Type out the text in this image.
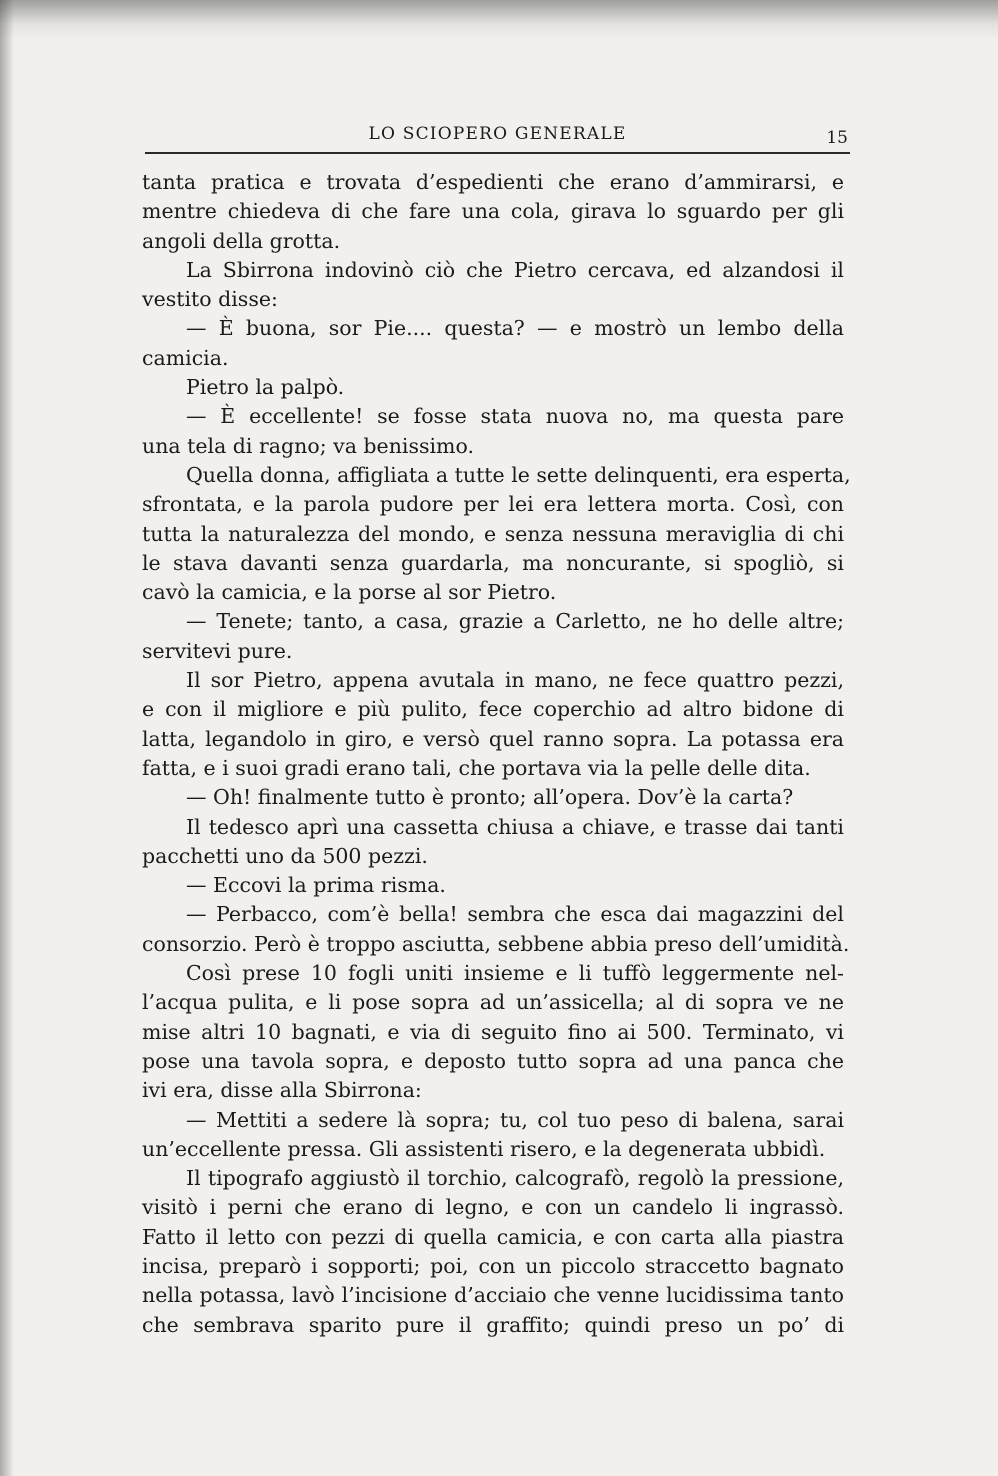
LO SCIOPERO GENERALE	15
tanta pratica e trovata d’espedienti che erano d’ammirarsi, e
mentre chiedeva di che fare una cola, girava lo sguardo per gli
angoli della grotta.
La Sbirrona indovinò ciò che Pietro cercava, ed alzandosi il
vestito disse:
— È buona, sor Pie.... questa? — e mostrò un lembo della
camicia.
Pietro la palpò.
— È eccellente! se fosse stata nuova no, ma questa pare
una tela di ragno; va benissimo.
Quella donna, affigliata a tutte le sette delinquenti, era esperta,
sfrontata, e la parola pudore per lei era lettera morta. Così, con
tutta la naturalezza del mondo, e senza nessuna meraviglia di chi
le stava davanti senza guardarla, ma noncurante, si spogliò, si
cavò la camicia, e la porse al sor Pietro.
— Tenete; tanto, a casa, grazie a Carletto, ne ho delle altre;
servitevi pure.
Il sor Pietro, appena avutala in mano, ne fece quattro pezzi,
e con il migliore e più pulito, fece coperchio ad altro bidone di
latta, legandolo in giro, e versò quel ranno sopra. La potassa era
fatta, e i suoi gradi erano tali, che portava via la pelle delle dita.
— Oh! finalmente tutto è pronto; all’opera. Dov’è la carta?
Il tedesco aprì una cassetta chiusa a chiave, e trasse dai tanti
pacchetti uno da 500 pezzi.
— Eccovi la prima risma.
— Perbacco, com’è bella! sembra che esca dai magazzini del
consorzio. Però è troppo asciutta, sebbene abbia preso dell’umidità.
Così prese 10 fogli uniti insieme e li tuffò leggermente nel-
l’acqua pulita, e li pose sopra ad un’assicella; al di sopra ve ne
mise altri 10 bagnati, e via di seguito fino ai 500. Terminato, vi
pose una tavola sopra, e deposto tutto sopra ad una panca che
ivi era, disse alla Sbirrona:
— Mettiti a sedere là sopra; tu, col tuo peso di balena, sarai
un’eccellente pressa. Gli assistenti risero, e la degenerata ubbidì.
Il tipografo aggiustò il torchio, calcografò, regolò la pressione,
visitò i perni che erano di legno, e con un candelo li ingrassò.
Fatto il letto con pezzi di quella camicia, e con carta alla piastra
incisa, preparò i sopporti; poi, con un piccolo straccetto bagnato
nella potassa, lavò l’incisione d’acciaio che venne lucidissima tanto
che sembrava sparito pure il graffito; quindi preso un po’ di
